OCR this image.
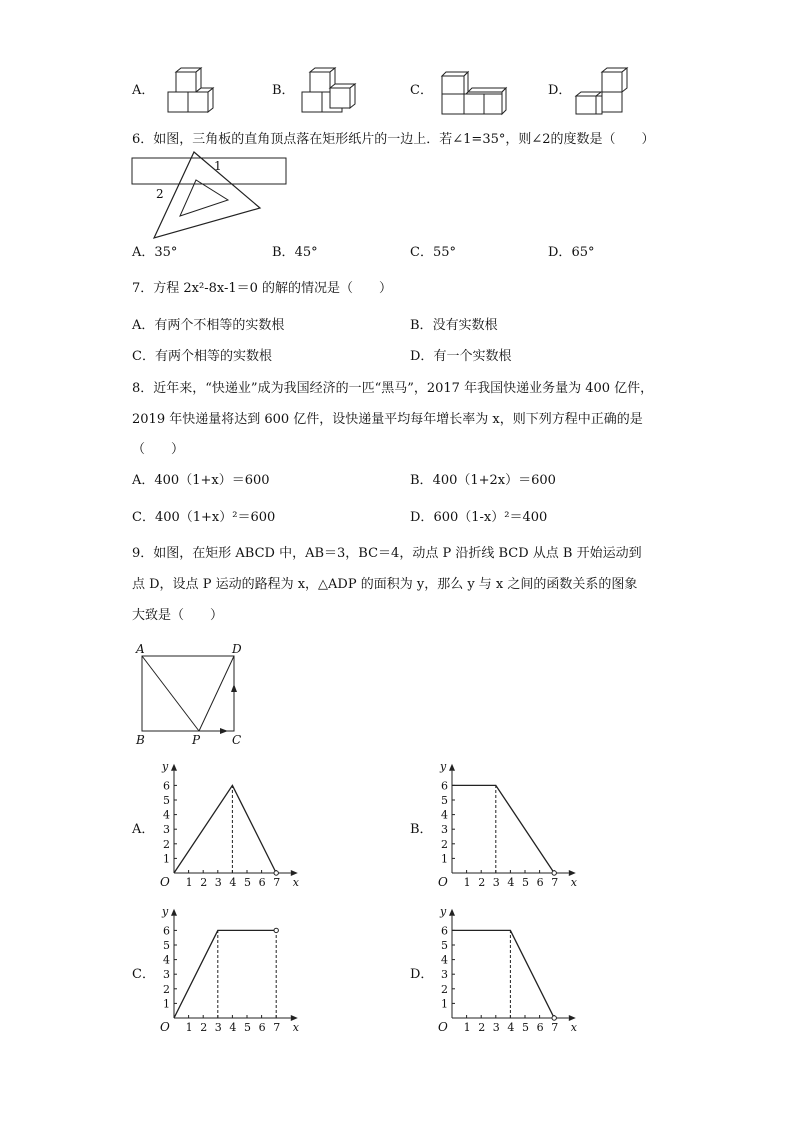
A．	B．	C．	D．
6．如图，三角板的直角顶点落在矩形纸片的一边上．若∠1=35°，则∠2的度数是（　　）
1
2
A．35°	B．45°	C．55°	D．65°
7．方程 2x²-8x-1＝0 的解的情况是（　　）
A．有两个不相等的实数根	B．没有实数根
C．有两个相等的实数根	D．有一个实数根
8．近年来，“快递业”成为我国经济的一匹“黑马”，2017 年我国快递业务量为 400 亿件，
2019 年快递量将达到 600 亿件，设快递量平均每年增长率为 x，则下列方程中正确的是
（　　）
A．400（1+x）＝600	B．400（1+2x）＝600
C．400（1+x）²＝600	D．600（1-x）²＝400
9．如图，在矩形 ABCD 中，AB＝3，BC＝4，动点 P 沿折线 BCD 从点 B 开始运动到
点 D，设点 P 运动的路程为 x，△ADP 的面积为 y，那么 y 与 x 之间的函数关系的图象
大致是（　　）
A	D
B	P	C
A．
y
x
O 1 2 3 4 5 6 7
1
2
3
4
5
6
B．
y
x
O 1 2 3 4 5 6 7
1
2
3
4
5
6
C．
y
x
O 1 2 3 4 5 6 7
1
2
3
4
5
6
D．
y
x
O 1 2 3 4 5 6 7
1
2
3
4
5
6
